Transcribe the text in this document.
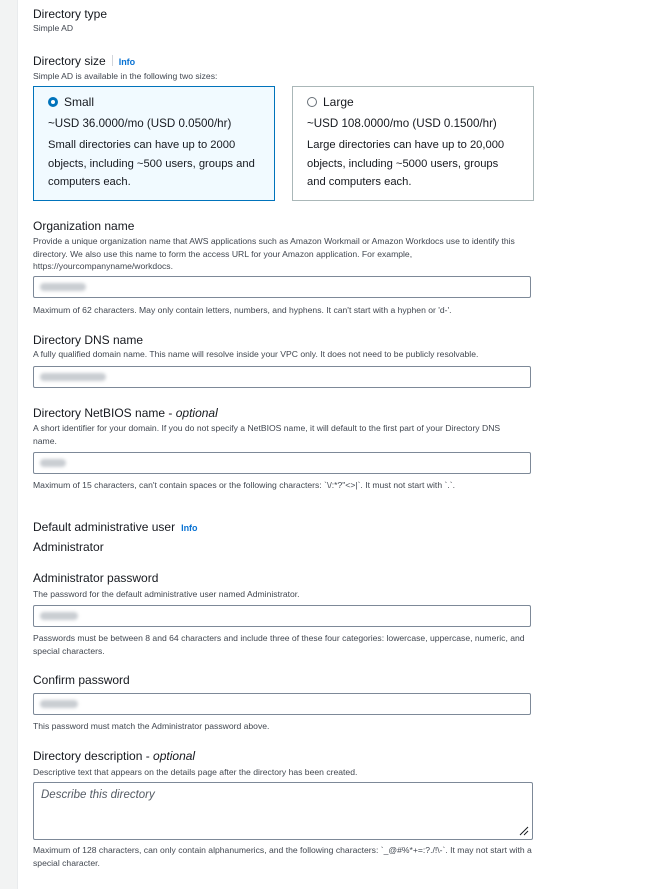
Directory type
Simple AD
Directory size Info
Simple AD is available in the following two sizes:
Small
~USD 36.0000/mo (USD 0.0500/hr)
Small directories can have up to 2000 objects, including ~500 users, groups and computers each.
Large
~USD 108.0000/mo (USD 0.1500/hr)
Large directories can have up to 20,000 objects, including ~5000 users, groups and computers each.
Organization name
Provide a unique organization name that AWS applications such as Amazon Workmail or Amazon Workdocs use to identify this directory. We also use this name to form the access URL for your Amazon application. For example, https://yourcompanyname/workdocs.
Maximum of 62 characters. May only contain letters, numbers, and hyphens. It can't start with a hyphen or 'd-'.
Directory DNS name
A fully qualified domain name. This name will resolve inside your VPC only. It does not need to be publicly resolvable.
Directory NetBIOS name - optional
A short identifier for your domain. If you do not specify a NetBIOS name, it will default to the first part of your Directory DNS name.
Maximum of 15 characters, can't contain spaces or the following characters: `\/:*?"<>|`. It must not start with `.`.
Default administrative user Info
Administrator
Administrator password
The password for the default administrative user named Administrator.
Passwords must be between 8 and 64 characters and include three of these four categories: lowercase, uppercase, numeric, and special characters.
Confirm password
This password must match the Administrator password above.
Directory description - optional
Descriptive text that appears on the details page after the directory has been created.
Describe this directory
Maximum of 128 characters, can only contain alphanumerics, and the following characters: `_@#%*+=:?./!\-`. It may not start with a special character.
